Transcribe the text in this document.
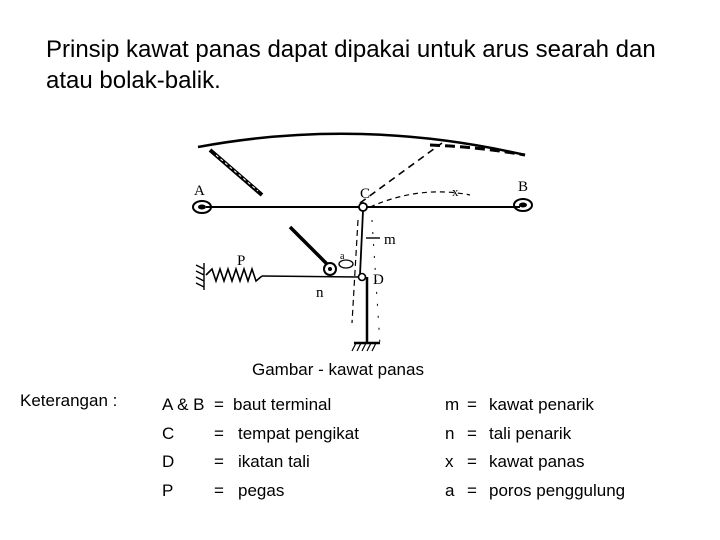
Prinsip kawat panas dapat dipakai untuk arus searah dan atau bolak-balik.
A	B
C
m
P
n
D
x
a
Gambar - kawat panas
Keterangan :	A & B = baut terminal
C = tempat pengikat
D = ikatan tali
P = pegas
m = kawat penarik
n = tali penarik
x = kawat panas
a = poros penggulung
